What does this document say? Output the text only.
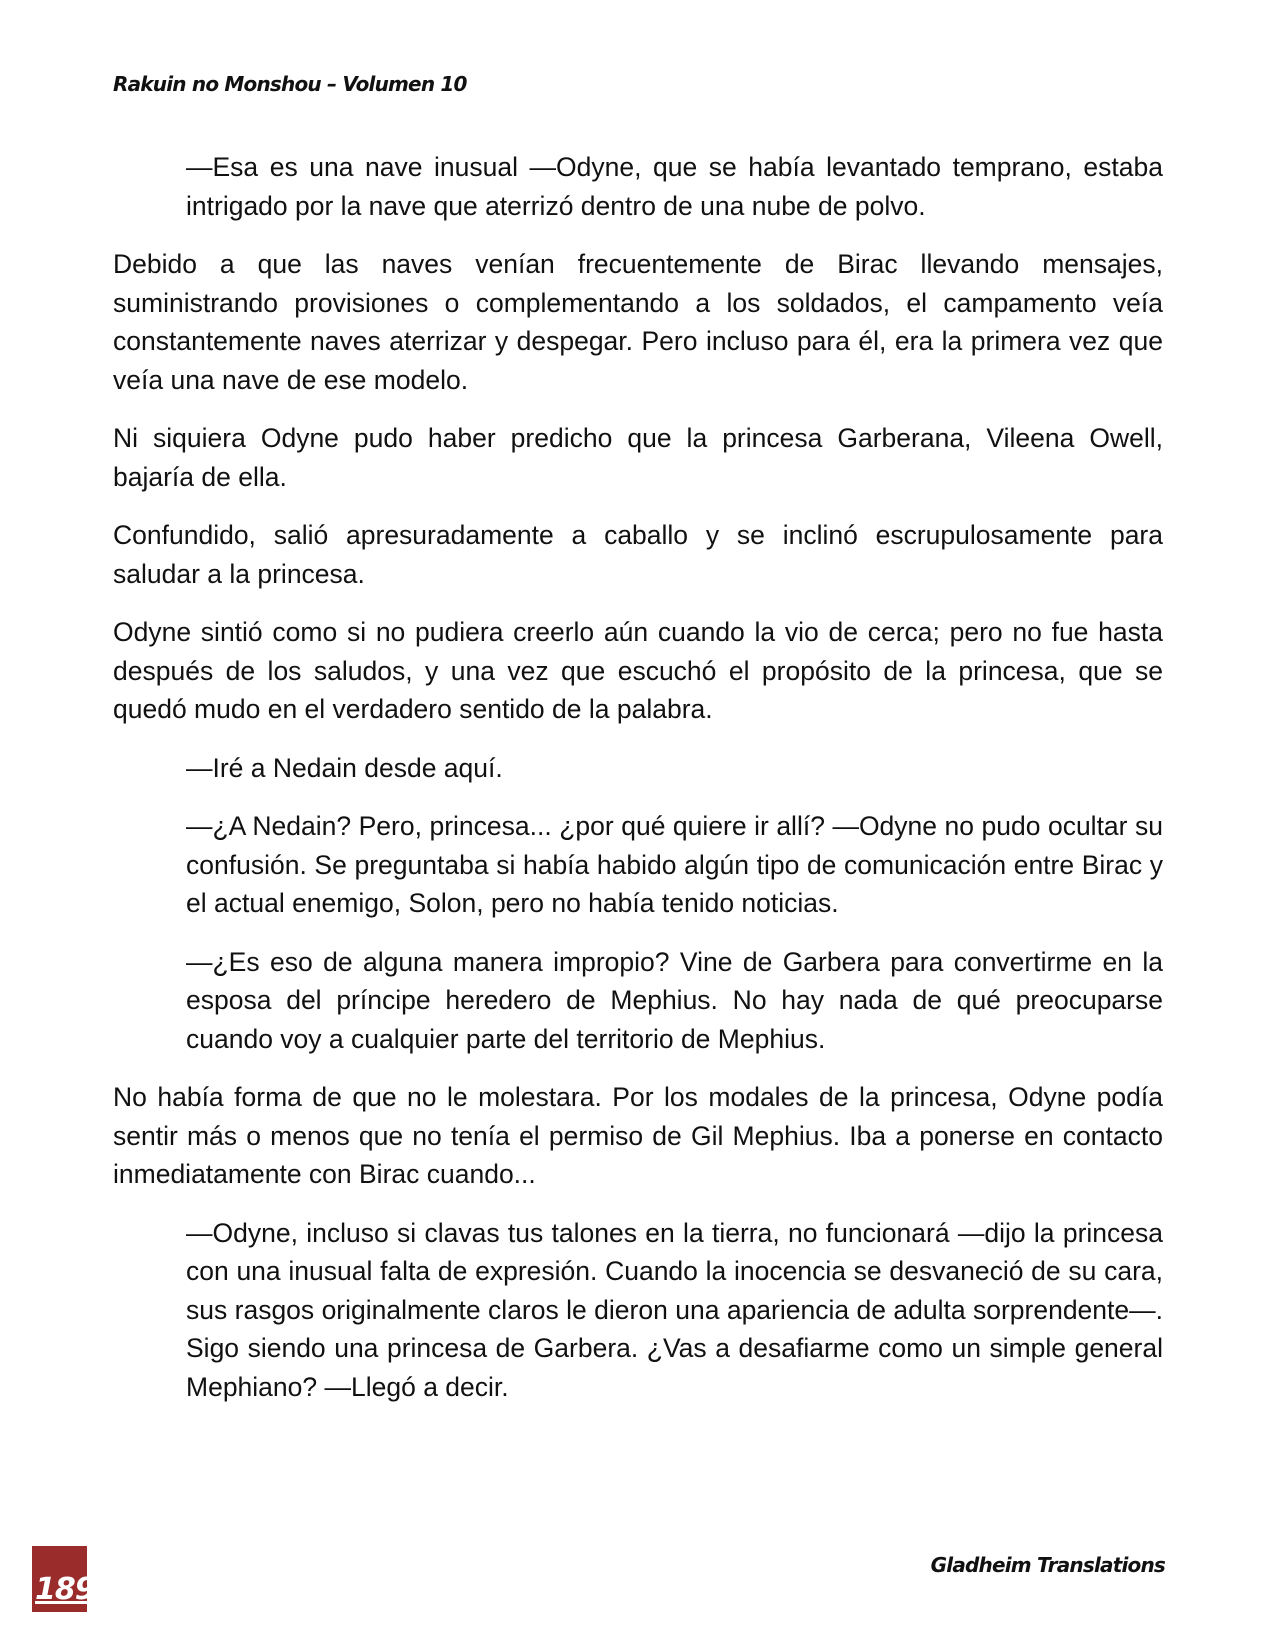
Rakuin no Monshou – Volumen 10

—Esa es una nave inusual —Odyne, que se había levantado temprano, estaba intrigado por la nave que aterrizó dentro de una nube de polvo.

Debido a que las naves venían frecuentemente de Birac llevando mensajes, suministrando provisiones o complementando a los soldados, el campamento veía constantemente naves aterrizar y despegar. Pero incluso para él, era la primera vez que veía una nave de ese modelo.

Ni siquiera Odyne pudo haber predicho que la princesa Garberana, Vileena Owell, bajaría de ella.

Confundido, salió apresuradamente a caballo y se inclinó escrupulosamente para saludar a la princesa.

Odyne sintió como si no pudiera creerlo aún cuando la vio de cerca; pero no fue hasta después de los saludos, y una vez que escuchó el propósito de la princesa, que se quedó mudo en el verdadero sentido de la palabra.

—Iré a Nedain desde aquí.

—¿A Nedain? Pero, princesa... ¿por qué quiere ir allí? —Odyne no pudo ocultar su confusión. Se preguntaba si había habido algún tipo de comunicación entre Birac y el actual enemigo, Solon, pero no había tenido noticias.

—¿Es eso de alguna manera impropio? Vine de Garbera para convertirme en la esposa del príncipe heredero de Mephius. No hay nada de qué preocuparse cuando voy a cualquier parte del territorio de Mephius.

No había forma de que no le molestara. Por los modales de la princesa, Odyne podía sentir más o menos que no tenía el permiso de Gil Mephius. Iba a ponerse en contacto inmediatamente con Birac cuando...

—Odyne, incluso si clavas tus talones en la tierra, no funcionará —dijo la princesa con una inusual falta de expresión. Cuando la inocencia se desvaneció de su cara, sus rasgos originalmente claros le dieron una apariencia de adulta sorprendente—. Sigo siendo una princesa de Garbera. ¿Vas a desafiarme como un simple general Mephiano? —Llegó a decir.

189
Gladheim Translations
